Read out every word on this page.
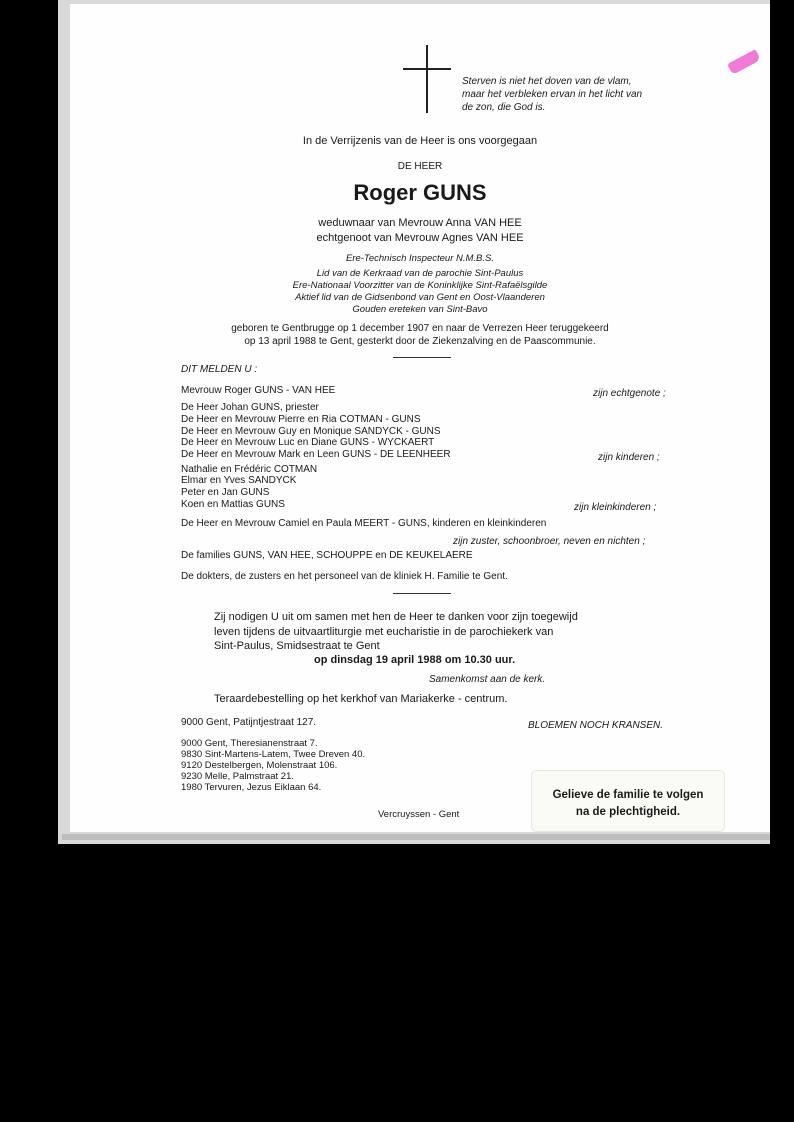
Sterven is niet het doven van de vlam,
maar het verbleken ervan in het licht van
de zon, die God is.
In de Verrijzenis van de Heer is ons voorgegaan
DE HEER
Roger GUNS
weduwnaar van Mevrouw Anna VAN HEE
echtgenoot van Mevrouw Agnes VAN HEE
Ere-Technisch Inspecteur N.M.B.S.
Lid van de Kerkraad van de parochie Sint-Paulus
Ere-Nationaal Voorzitter van de Koninklijke Sint-Rafaëlsgilde
Aktief lid van de Gidsenbond van Gent en Oost-Vlaanderen
Gouden ereteken van Sint-Bavo
geboren te Gentbrugge op 1 december 1907 en naar de Verrezen Heer teruggekeerd
op 13 april 1988 te Gent, gesterkt door de Ziekenzalving en de Paascommunie.
DIT MELDEN U :
Mevrouw Roger GUNS - VAN HEE	zijn echtgenote ;
De Heer Johan GUNS, priester
De Heer en Mevrouw Pierre en Ria COTMAN - GUNS
De Heer en Mevrouw Guy en Monique SANDYCK - GUNS
De Heer en Mevrouw Luc en Diane GUNS - WYCKAERT
De Heer en Mevrouw Mark en Leen GUNS - DE LEENHEER	zijn kinderen ;
Nathalie en Frédéric COTMAN
Elmar en Yves SANDYCK
Peter en Jan GUNS
Koen en Mattias GUNS	zijn kleinkinderen ;
De Heer en Mevrouw Camiel en Paula MEERT - GUNS, kinderen en kleinkinderen
zijn zuster, schoonbroer, neven en nichten ;
De families GUNS, VAN HEE, SCHOUPPE en DE KEUKELAERE
De dokters, de zusters en het personeel van de kliniek H. Familie te Gent.
Zij nodigen U uit om samen met hen de Heer te danken voor zijn toegewijd
leven tijdens de uitvaartliturgie met eucharistie in de parochiekerk van
Sint-Paulus, Smidsestraat te Gent
op dinsdag 19 april 1988 om 10.30 uur.
Samenkomst aan de kerk.
Teraardebestelling op het kerkhof van Mariakerke - centrum.
9000 Gent, Patijntjestraat 127.	BLOEMEN NOCH KRANSEN.
9000 Gent, Theresianenstraat 7.
9830 Sint-Martens-Latem, Twee Dreven 40.
9120 Destelbergen, Molenstraat 106.
9230 Melle, Palmstraat 21.
1980 Tervuren, Jezus Eiklaan 64.
Vercruyssen - Gent
Gelieve de familie te volgen
na de plechtigheid.
